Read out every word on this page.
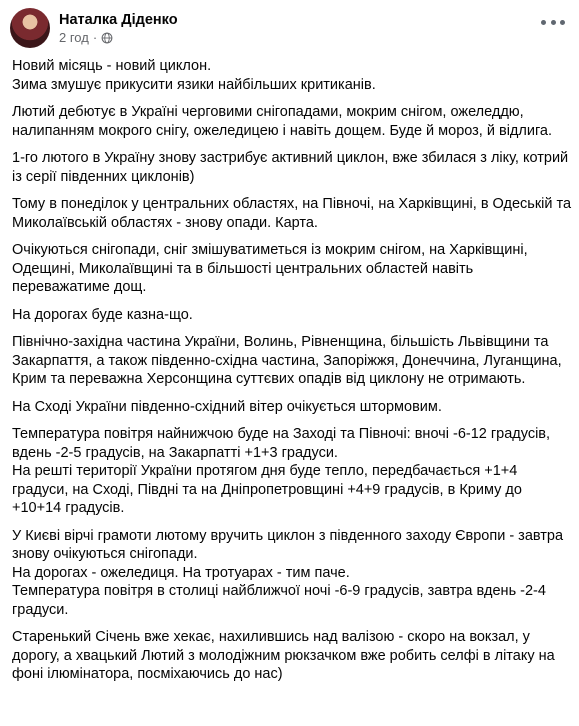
Наталка Діденко
2 год ·

Новий місяць - новий циклон.
Зима змушує прикусити язики найбільших критиканів.

Лютий дебютує в Україні черговими снігопадами, мокрим снігом, ожеледдю, налипанням мокрого снігу, ожеледицею і навіть дощем. Буде й мороз, й відлига.

1-го лютого в Україну знову застрибує активний циклон, вже збилася з ліку, котрий із серії південних циклонів)

Тому в понеділок у центральних областях, на Півночі, на Харківщині, в Одеській та Миколаївській областях - знову опади. Карта.

Очікуються снігопади, сніг змішуватиметься із мокрим снігом, на Харківщині, Одещині, Миколаївщині та в більшості центральних областей навіть переважатиме дощ.

На дорогах буде казна-що.

Північно-західна частина України, Волинь, Рівненщина, більшість Львівщини та Закарпаття, а також південно-східна частина, Запоріжжя, Донеччина, Луганщина, Крим та переважна Херсонщина суттєвих опадів від циклону не отримають.

На Сході України південно-східний вітер очікується штормовим.

Температура повітря найнижчою буде на Заході та Півночі: вночі -6-12 градусів, вдень -2-5 градусів, на Закарпатті +1+3 градуси.
На решті території України протягом дня буде тепло, передбачається +1+4 градуси, на Сході, Півдні та на Дніпропетровщині +4+9 градусів, в Криму до +10+14 градусів.

У Києві вірчі грамоти лютому вручить циклон з південного заходу Європи - завтра знову очікуються снігопади.
На дорогах - ожеледиця. На тротуарах - тим паче.
Температура повітря в столиці найближчої ночі -6-9 градусів, завтра вдень -2-4 градуси.

Старенький Січень вже хекає, нахилившись над валізою - скоро на вокзал, у дорогу, а хвацький Лютий з молодіжним рюкзачком вже робить селфі в літаку на фоні ілюмінатора, посміхаючись до нас)
